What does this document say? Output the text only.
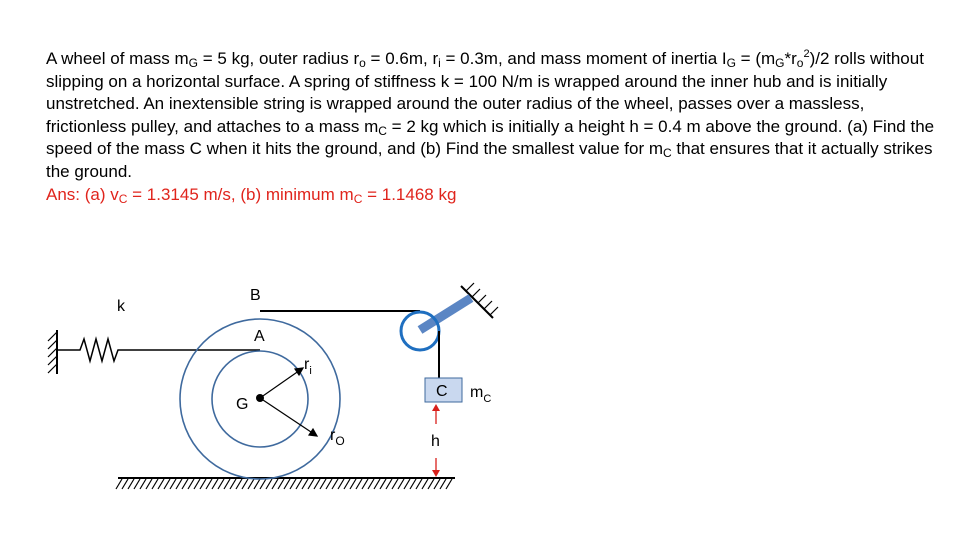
A wheel of mass $m_G = 5$ kg, outer radius $r_o = 0.6m$, $r_i = 0.3m$, and mass moment of inertia $I_G = (m_G*r_o^2)/2$ rolls without slipping on a horizontal surface. A spring of stiffness k = 100 N/m is wrapped around the inner hub and is initially unstretched. An inextensible string is wrapped around the outer radius of the wheel, passes over a massless, frictionless pulley, and attaches to a mass $m_C = 2$ kg which is initially a height h = 0.4 m above the ground. (a) Find the speed of the mass C when it hits the ground, and (b) Find the smallest value for $m_C$ that ensures that it actually strikes the ground.

Ans: (a) $v_C = 1.3145$ m/s, (b) minimum $m_C = 1.1468$ kg

k
G
$r_i$
$r_O$
B
A
C $m_C$
h
